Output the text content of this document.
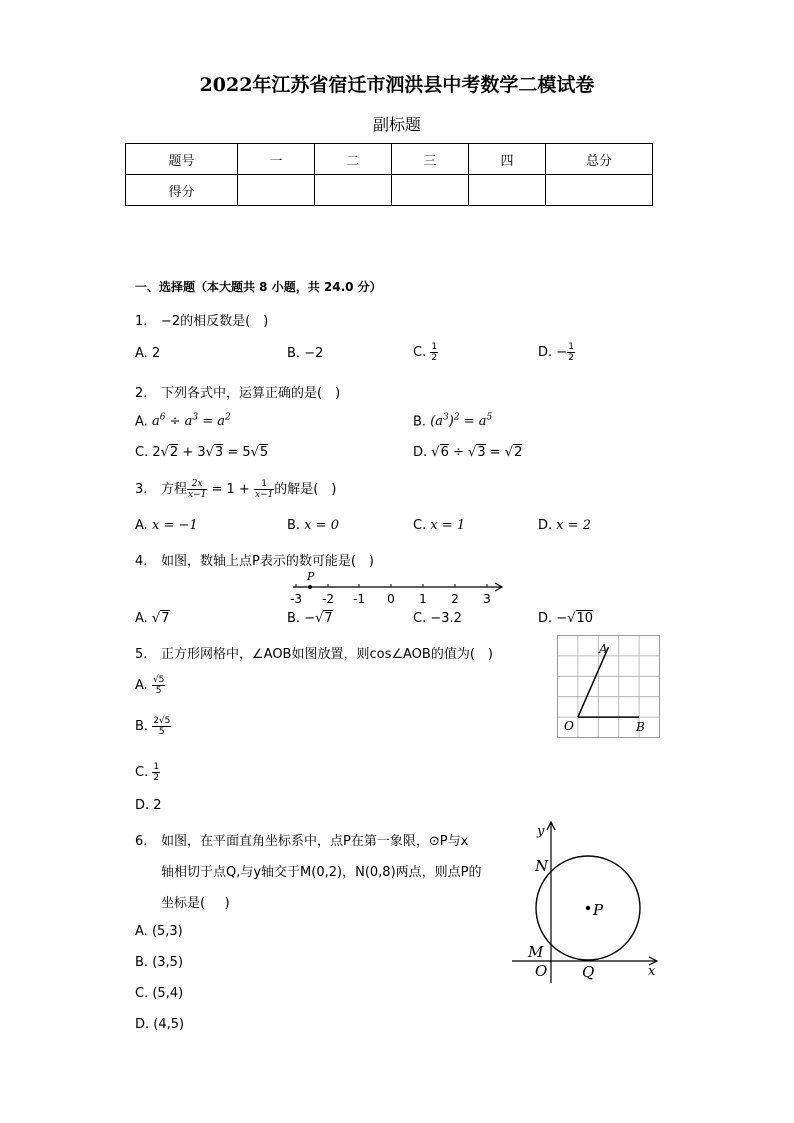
2022年江苏省宿迁市泗洪县中考数学二模试卷
副标题
题号	一	二	三	四	总分
得分					
一、选择题（本大题共 8 小题，共 24.0 分）
1. −2的相反数是(  )
A. 2	B. −2	C. $\frac{1}{2}$	D. − $\frac{1}{2}$
2. 下列各式中，运算正确的是(  )
A. $a^6 \div a^3 = a^2$	B. $(a^3)^2 = a^5$
C. 2√2 + 3√3 = 5√5	D. √6 ÷ √3 = √2
3. 方程 $\frac{2x}{x-1} = 1 + \frac{1}{x-1}$ 的解是(  )
A. x = −1	B. x = 0	C. x = 1	D. x = 2
4. 如图，数轴上点P表示的数可能是(  )
P
-3 -2 -1 0 1 2 3
A. √7	B. −√7	C. −3.2	D. −√10
5. 正方形网格中，∠AOB如图放置，则cos∠AOB的值为(  )
A. $\frac{√5}{5}$
B. $\frac{2√5}{5}$
C. $\frac{1}{2}$
D. 2
O
A
B
6. 如图，在平面直角坐标系中，点P在第一象限，⊙P与x
轴相切于点Q,与y轴交于M(0,2)，N(0,8)两点，则点P的
坐标是(   )
A. (5,3)
B. (3,5)
C. (5,4)
D. (4,5)
y
x
N
M
O Q
P
